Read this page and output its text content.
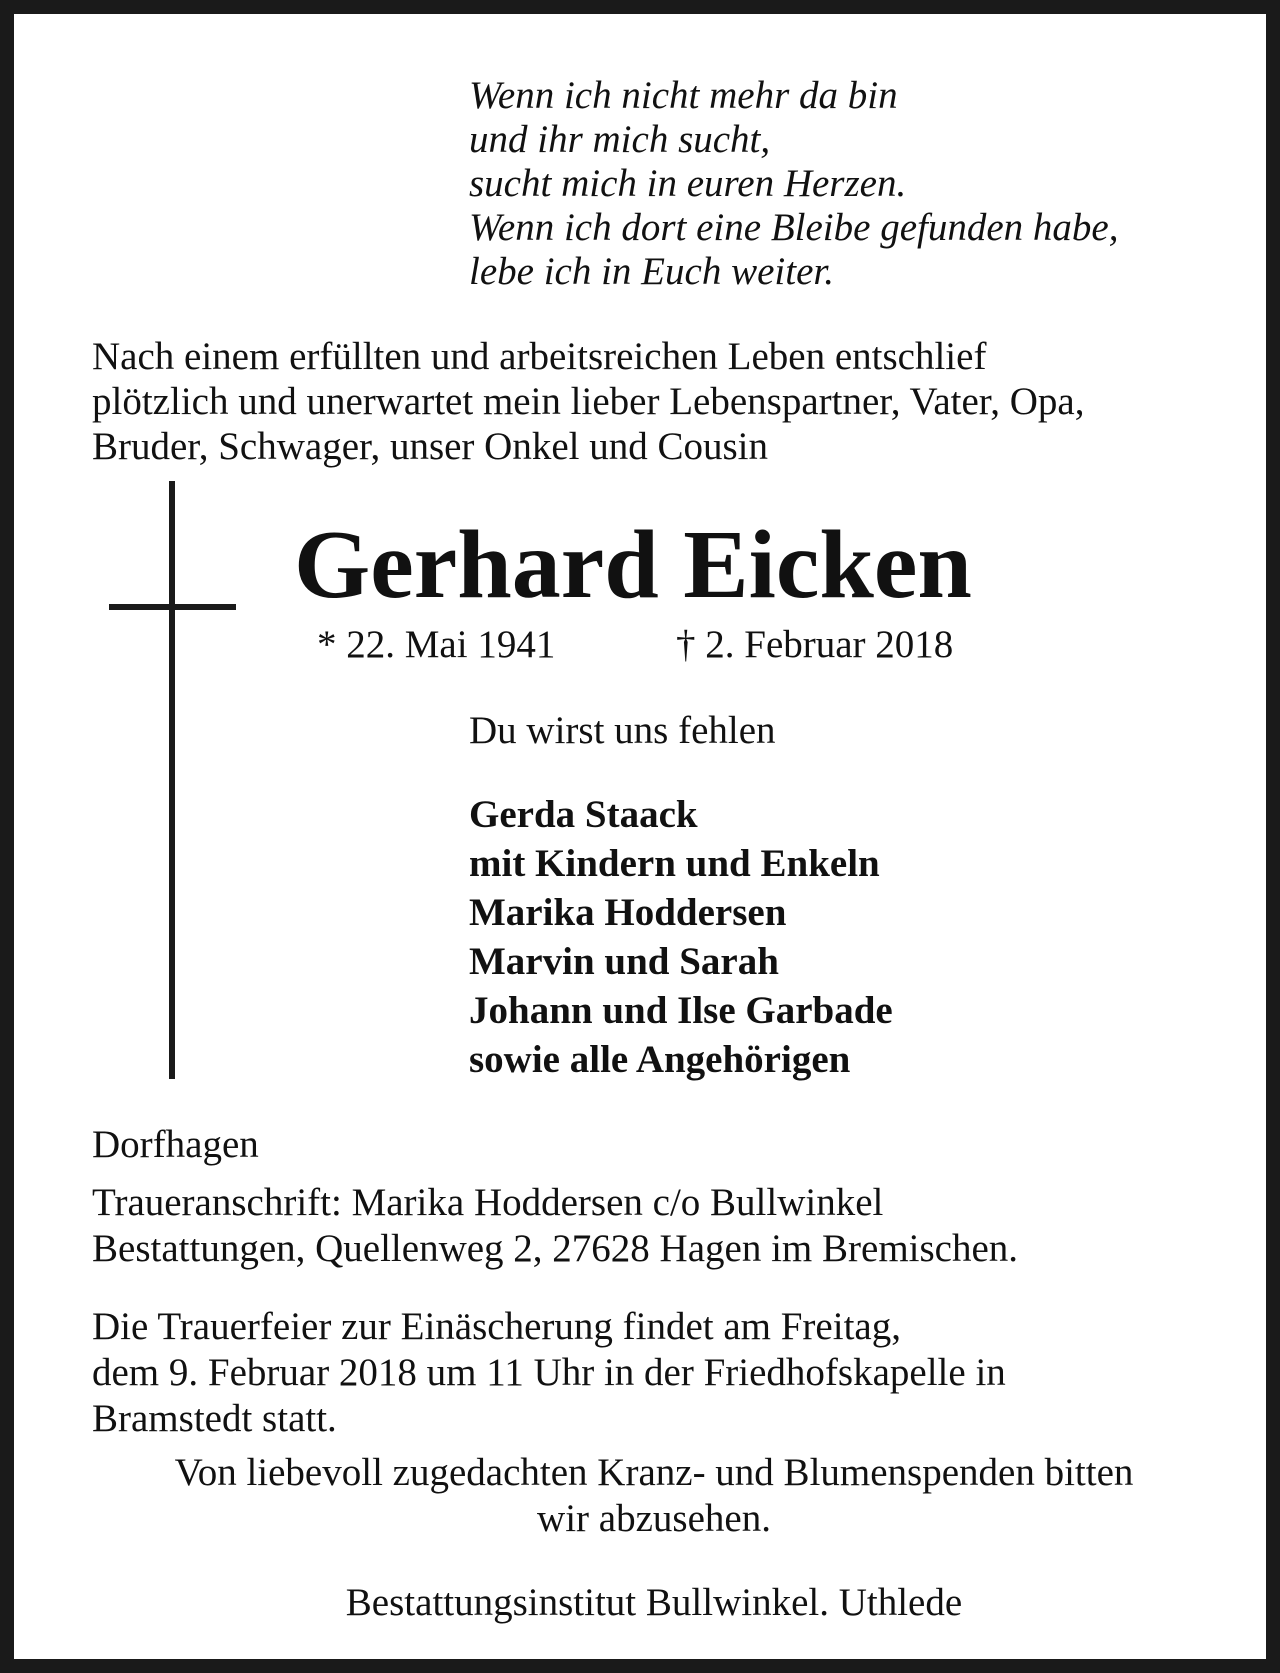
Wenn ich nicht mehr da bin
und ihr mich sucht,
sucht mich in euren Herzen.
Wenn ich dort eine Bleibe gefunden habe,
lebe ich in Euch weiter.
Nach einem erfüllten und arbeitsreichen Leben entschlief
plötzlich und unerwartet mein lieber Lebenspartner, Vater, Opa,
Bruder, Schwager, unser Onkel und Cousin
Gerhard Eicken
* 22. Mai 1941	† 2. Februar 2018
Du wirst uns fehlen
Gerda Staack
mit Kindern und Enkeln
Marika Hoddersen
Marvin und Sarah
Johann und Ilse Garbade
sowie alle Angehörigen
Dorfhagen
Traueranschrift: Marika Hoddersen c/o Bullwinkel
Bestattungen, Quellenweg 2, 27628 Hagen im Bremischen.
Die Trauerfeier zur Einäscherung findet am Freitag,
dem 9. Februar 2018 um 11 Uhr in der Friedhofskapelle in
Bramstedt statt.
Von liebevoll zugedachten Kranz- und Blumenspenden bitten
wir abzusehen.
Bestattungsinstitut Bullwinkel. Uthlede
